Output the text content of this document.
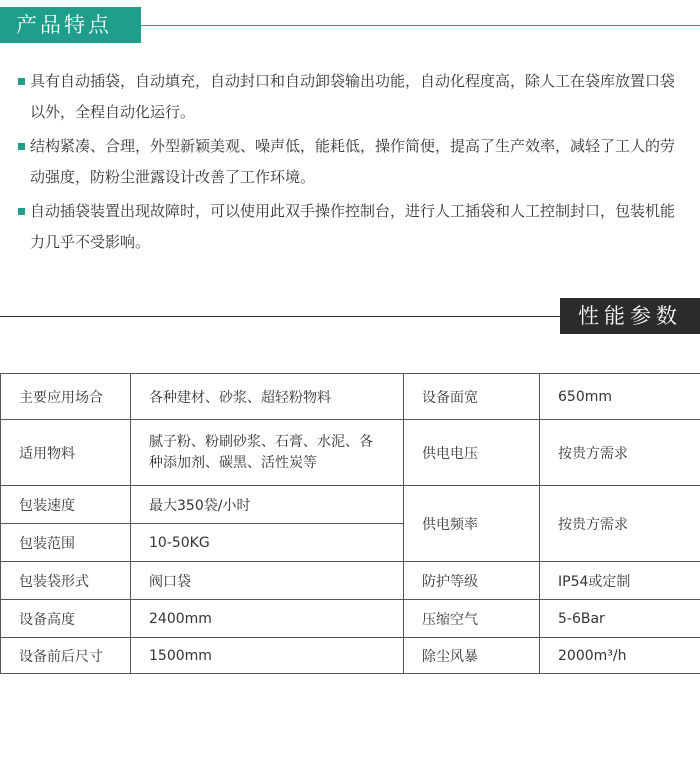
产品特点
具有自动插袋，自动填充，自动封口和自动卸袋输出功能，自动化程度高，除人工在袋库放置口袋以外，全程自动化运行。
结构紧凑、合理，外型新颖美观、噪声低，能耗低，操作简便，提高了生产效率，减轻了工人的劳动强度，防粉尘泄露设计改善了工作环境。
自动插袋装置出现故障时，可以使用此双手操作控制台，进行人工插袋和人工控制封口，包装机能力几乎不受影响。
性能参数
主要应用场合	各种建材、砂浆、超轻粉物料	设备面宽	650mm
适用物料	腻子粉、粉刷砂浆、石膏、水泥、各种添加剂、碳黑、活性炭等	供电电压	按贵方需求
包装速度	最大350袋/小时	供电频率	按贵方需求
包装范围	10-50KG		
包装袋形式	阀口袋	防护等级	IP54或定制
设备高度	2400mm	压缩空气	5-6Bar
设备前后尺寸	1500mm	除尘风暴	2000m³/h
